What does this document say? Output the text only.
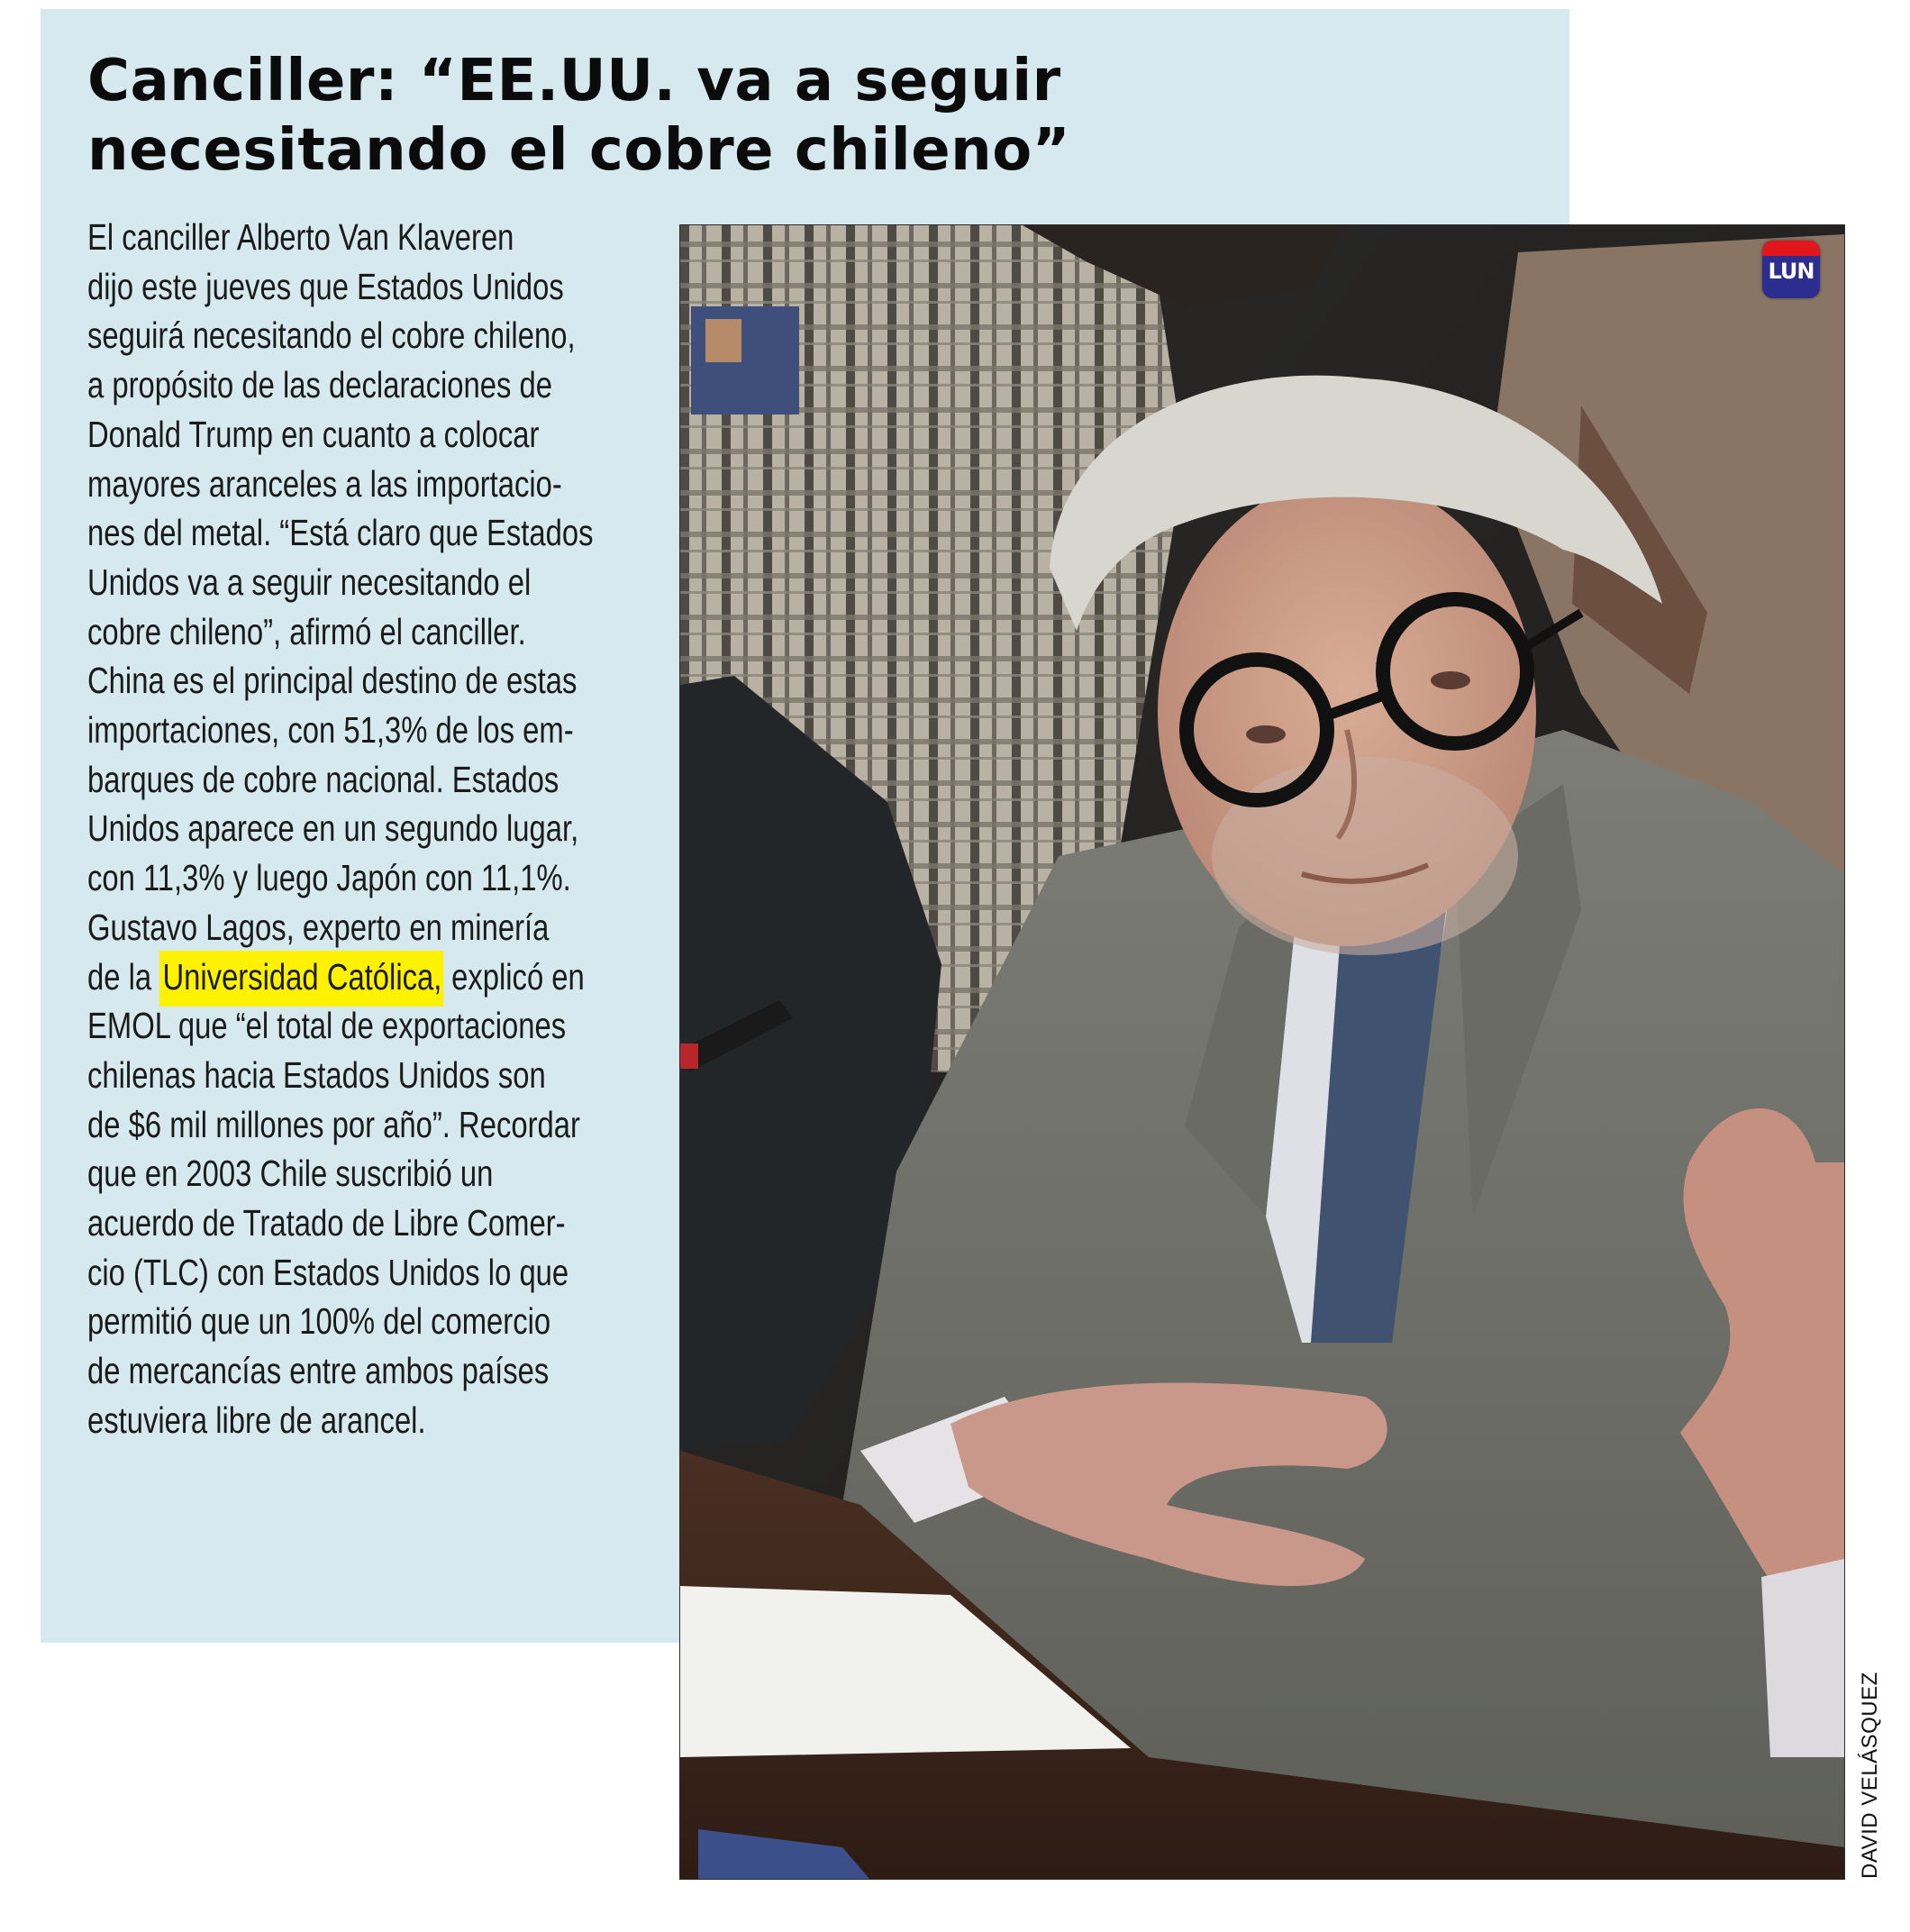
Canciller: “EE.UU. va a seguir
necesitando el cobre chileno”
El canciller Alberto Van Klaveren
dijo este jueves que Estados Unidos
seguirá necesitando el cobre chileno,
a propósito de las declaraciones de
Donald Trump en cuanto a colocar
mayores aranceles a las importacio-
nes del metal. “Está claro que Estados
Unidos va a seguir necesitando el
cobre chileno”, afirmó el canciller.
China es el principal destino de estas
importaciones, con 51,3% de los em-
barques de cobre nacional. Estados
Unidos aparece en un segundo lugar,
con 11,3% y luego Japón con 11,1%.
Gustavo Lagos, experto en minería
de la Universidad Católica, explicó en
EMOL que “el total de exportaciones
chilenas hacia Estados Unidos son
de $6 mil millones por año”. Recordar
que en 2003 Chile suscribió un
acuerdo de Tratado de Libre Comer-
cio (TLC) con Estados Unidos lo que
permitió que un 100% del comercio
de mercancías entre ambos países
estuviera libre de arancel.
LUN
DAVID VELÁSQUEZ
